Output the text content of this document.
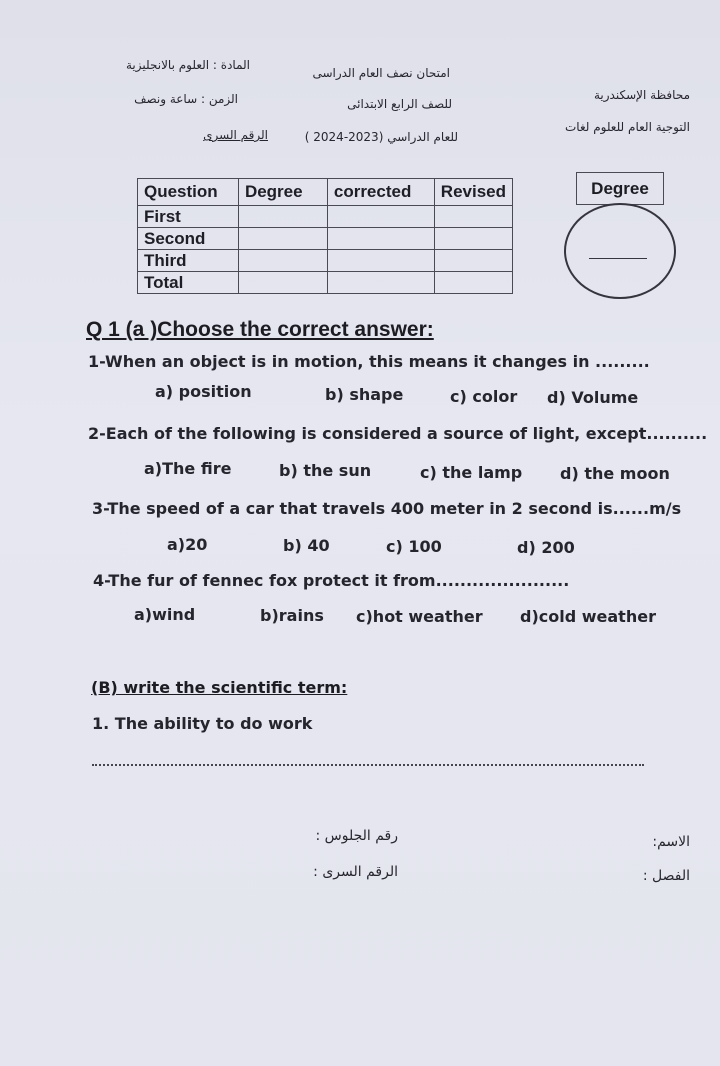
محافظة الإسكندرية
التوجية العام للعلوم لغات
امتحان نصف العام الدراسى
للصف الرابع الابتدائى
للعام الدراسي (2023-2024 )
المادة : العلوم بالانجليزية
الزمن : ساعة ونصف
الرقم السرى
Question	Degree	corrected	Revised
First			
Second			
Third			
Total			
Degree
Q 1 (a )Choose the correct answer:
1-When an object is in motion, this means it changes in .........
a) position	b) shape	c) color d) Volume
2-Each of the following is considered a source of light, except..........
a)The fire	b) the sun	c) the lamp d) the moon
3-The speed of a car that travels 400 meter in 2 second is......m/s
a)20	b) 40	c) 100	d) 200
4-The fur of fennec fox protect it from......................
a)wind	b)rains c)hot weather d)cold weather
(B) write the scientific term:
1. The ability to do work
الاسم:
الفصل :
رقم الجلوس :
الرقم السرى :
